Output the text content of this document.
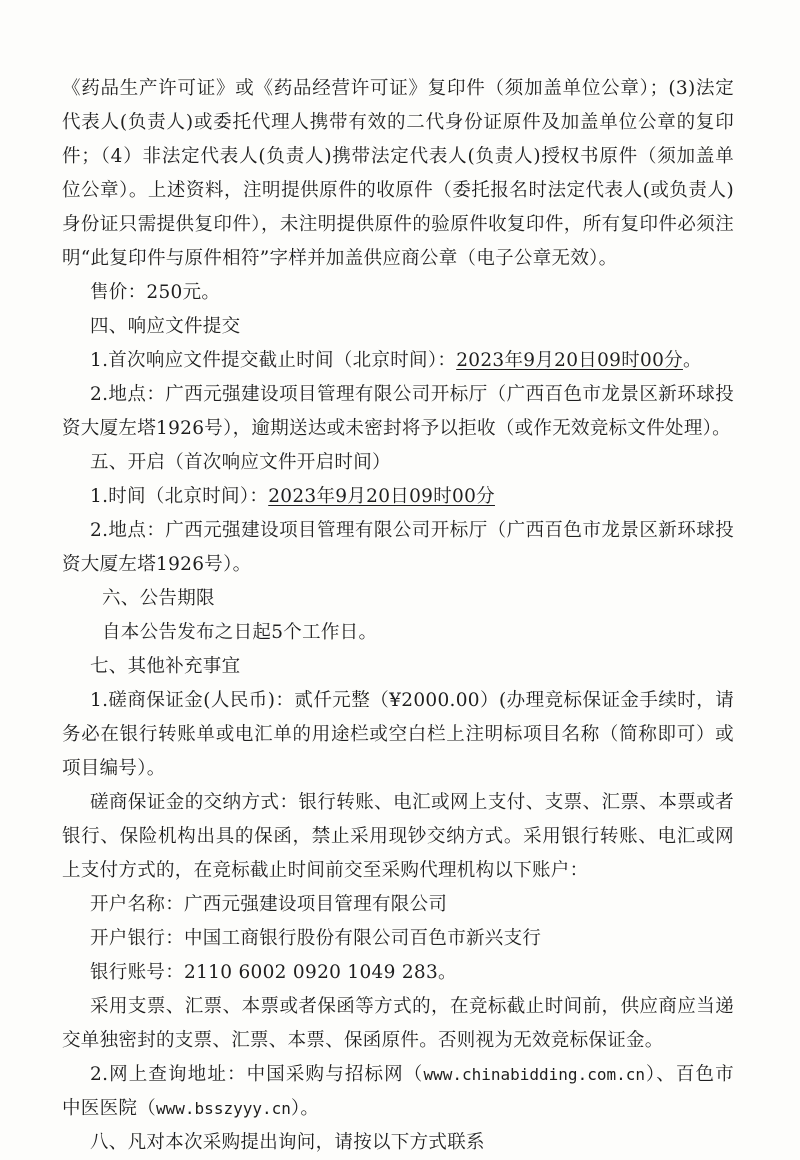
《药品生产许可证》或《药品经营许可证》复印件（须加盖单位公章）；(3)法定代表人(负责人)或委托代理人携带有效的二代身份证原件及加盖单位公章的复印件；（4）非法定代表人(负责人)携带法定代表人(负责人)授权书原件（须加盖单位公章）。上述资料，注明提供原件的收原件（委托报名时法定代表人(或负责人)身份证只需提供复印件），未注明提供原件的验原件收复印件，所有复印件必须注明“此复印件与原件相符”字样并加盖供应商公章（电子公章无效）。

售价：250元。

四、响应文件提交

1.首次响应文件提交截止时间（北京时间）：2023年9月20日09时00分。

2.地点：广西元强建设项目管理有限公司开标厅（广西百色市龙景区新环球投资大厦左塔1926号），逾期送达或未密封将予以拒收（或作无效竞标文件处理）。

五、开启（首次响应文件开启时间）

1.时间（北京时间）：2023年9月20日09时00分

2.地点：广西元强建设项目管理有限公司开标厅（广西百色市龙景区新环球投资大厦左塔1926号）。

六、公告期限

自本公告发布之日起5个工作日。

七、其他补充事宜

1.磋商保证金(人民币)：贰仟元整（¥2000.00）(办理竞标保证金手续时，请务必在银行转账单或电汇单的用途栏或空白栏上注明标项目名称（简称即可）或项目编号）。

磋商保证金的交纳方式：银行转账、电汇或网上支付、支票、汇票、本票或者银行、保险机构出具的保函，禁止采用现钞交纳方式。采用银行转账、电汇或网上支付方式的，在竞标截止时间前交至采购代理机构以下账户：

开户名称：广西元强建设项目管理有限公司

开户银行：中国工商银行股份有限公司百色市新兴支行

银行账号：2110 6002 0920 1049 283。

采用支票、汇票、本票或者保函等方式的，在竞标截止时间前，供应商应当递交单独密封的支票、汇票、本票、保函原件。否则视为无效竞标保证金。

2.网上查询地址：中国采购与招标网（www.chinabidding.com.cn）、百色市中医医院（www.bsszyyy.cn）。

八、凡对本次采购提出询问，请按以下方式联系
